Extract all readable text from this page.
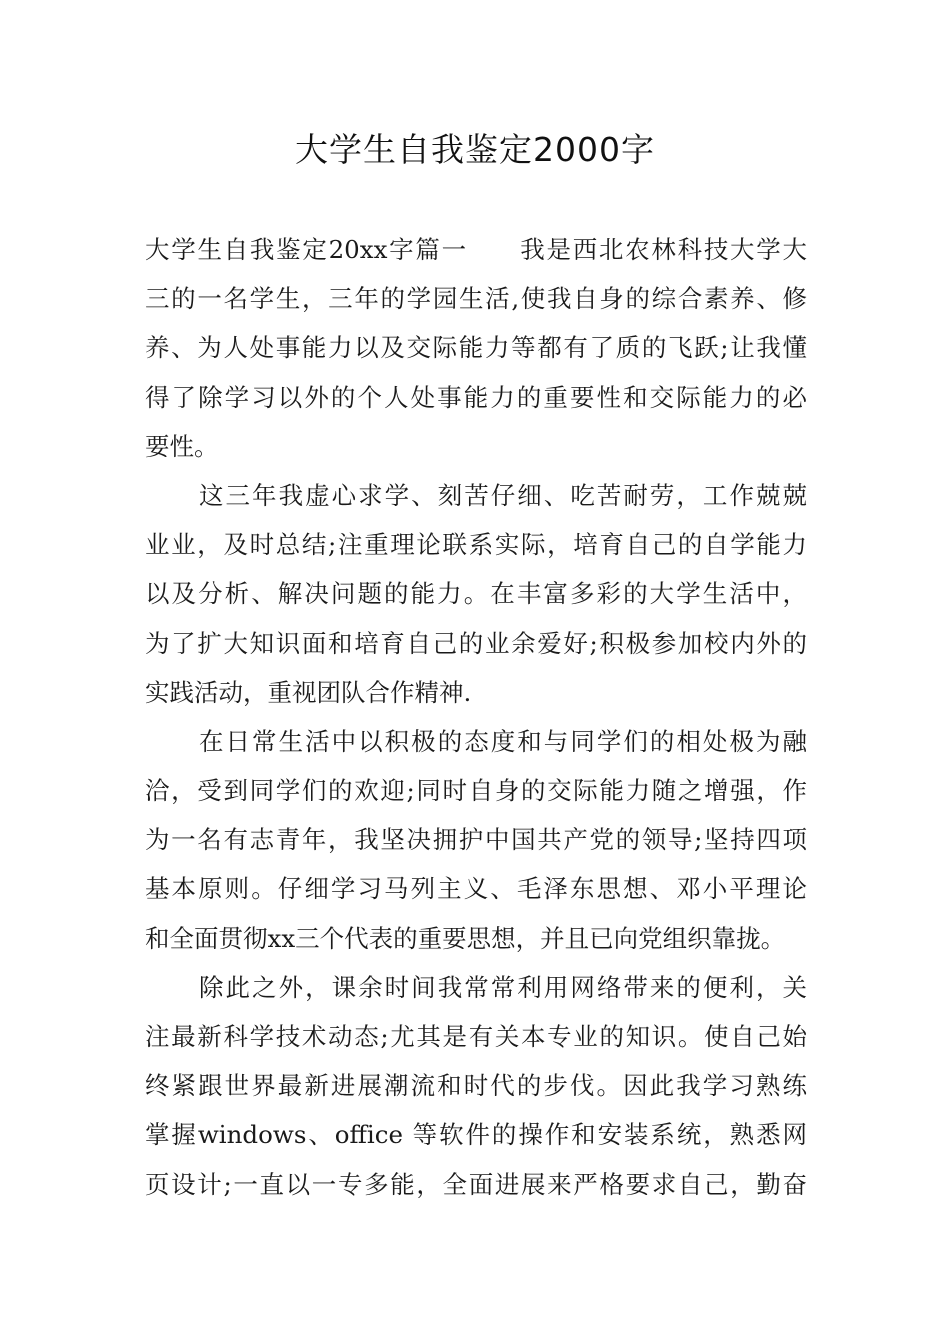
大学生自我鉴定2000字
大学生自我鉴定20xx字篇一　　我是西北农林科技大学大
三的一名学生，三年的学园生活,使我自身的综合素养、修
养、为人处事能力以及交际能力等都有了质的飞跃;让我懂
得了除学习以外的个人处事能力的重要性和交际能力的必
要性。
这三年我虚心求学、刻苦仔细、吃苦耐劳，工作兢兢
业业，及时总结;注重理论联系实际，培育自己的自学能力
以及分析、解决问题的能力。在丰富多彩的大学生活中，
为了扩大知识面和培育自己的业余爱好;积极参加校内外的
实践活动，重视团队合作精神.
在日常生活中以积极的态度和与同学们的相处极为融
洽，受到同学们的欢迎;同时自身的交际能力随之增强，作
为一名有志青年，我坚决拥护中国共产党的领导;坚持四项
基本原则。仔细学习马列主义、毛泽东思想、邓小平理论
和全面贯彻xx三个代表的重要思想，并且已向党组织靠拢。
除此之外，课余时间我常常利用网络带来的便利，关
注最新科学技术动态;尤其是有关本专业的知识。使自己始
终紧跟世界最新进展潮流和时代的步伐。因此我学习熟练
掌握windows、office 等软件的操作和安装系统，熟悉网
页设计;一直以一专多能，全面进展来严格要求自己，勤奋
